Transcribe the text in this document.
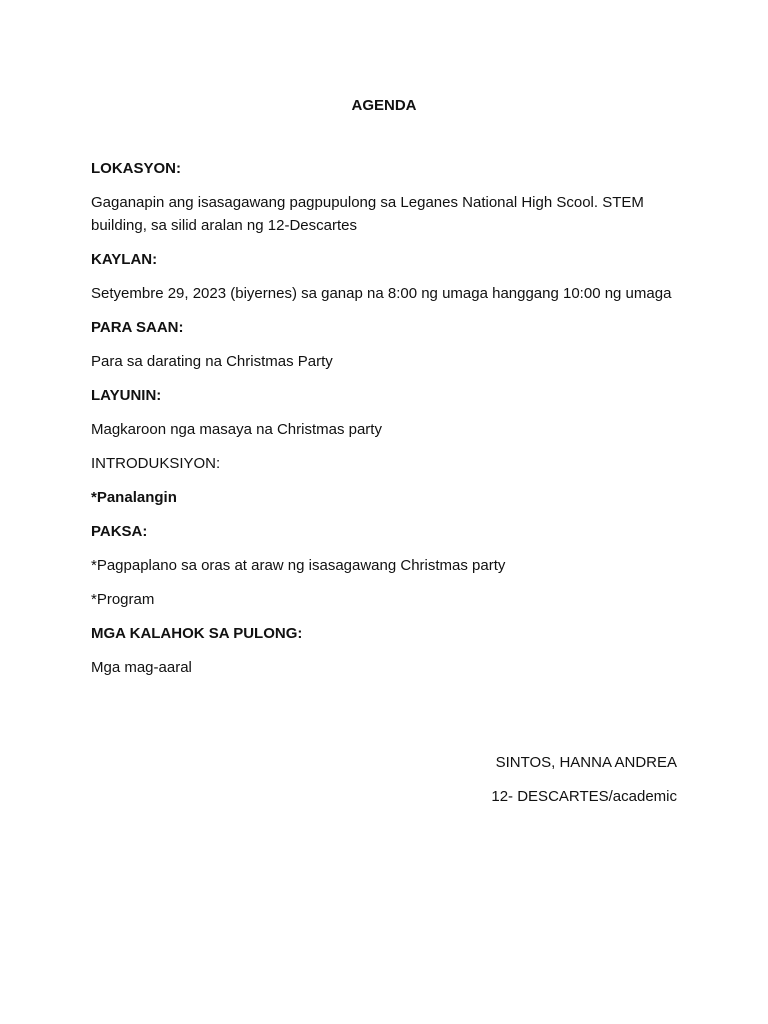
AGENDA
LOKASYON:
Gaganapin ang isasagawang pagpupulong sa Leganes National High Scool. STEM building, sa silid aralan ng 12-Descartes
KAYLAN:
Setyembre 29, 2023 (biyernes) sa ganap na 8:00 ng umaga hanggang 10:00 ng umaga
PARA SAAN:
Para sa darating na Christmas Party
LAYUNIN:
Magkaroon nga masaya na Christmas party
INTRODUKSIYON:
*Panalangin
PAKSA:
*Pagpaplano sa oras at araw ng isasagawang Christmas party
*Program
MGA KALAHOK SA PULONG:
Mga mag-aaral
SINTOS, HANNA ANDREA
12- DESCARTES/academic
